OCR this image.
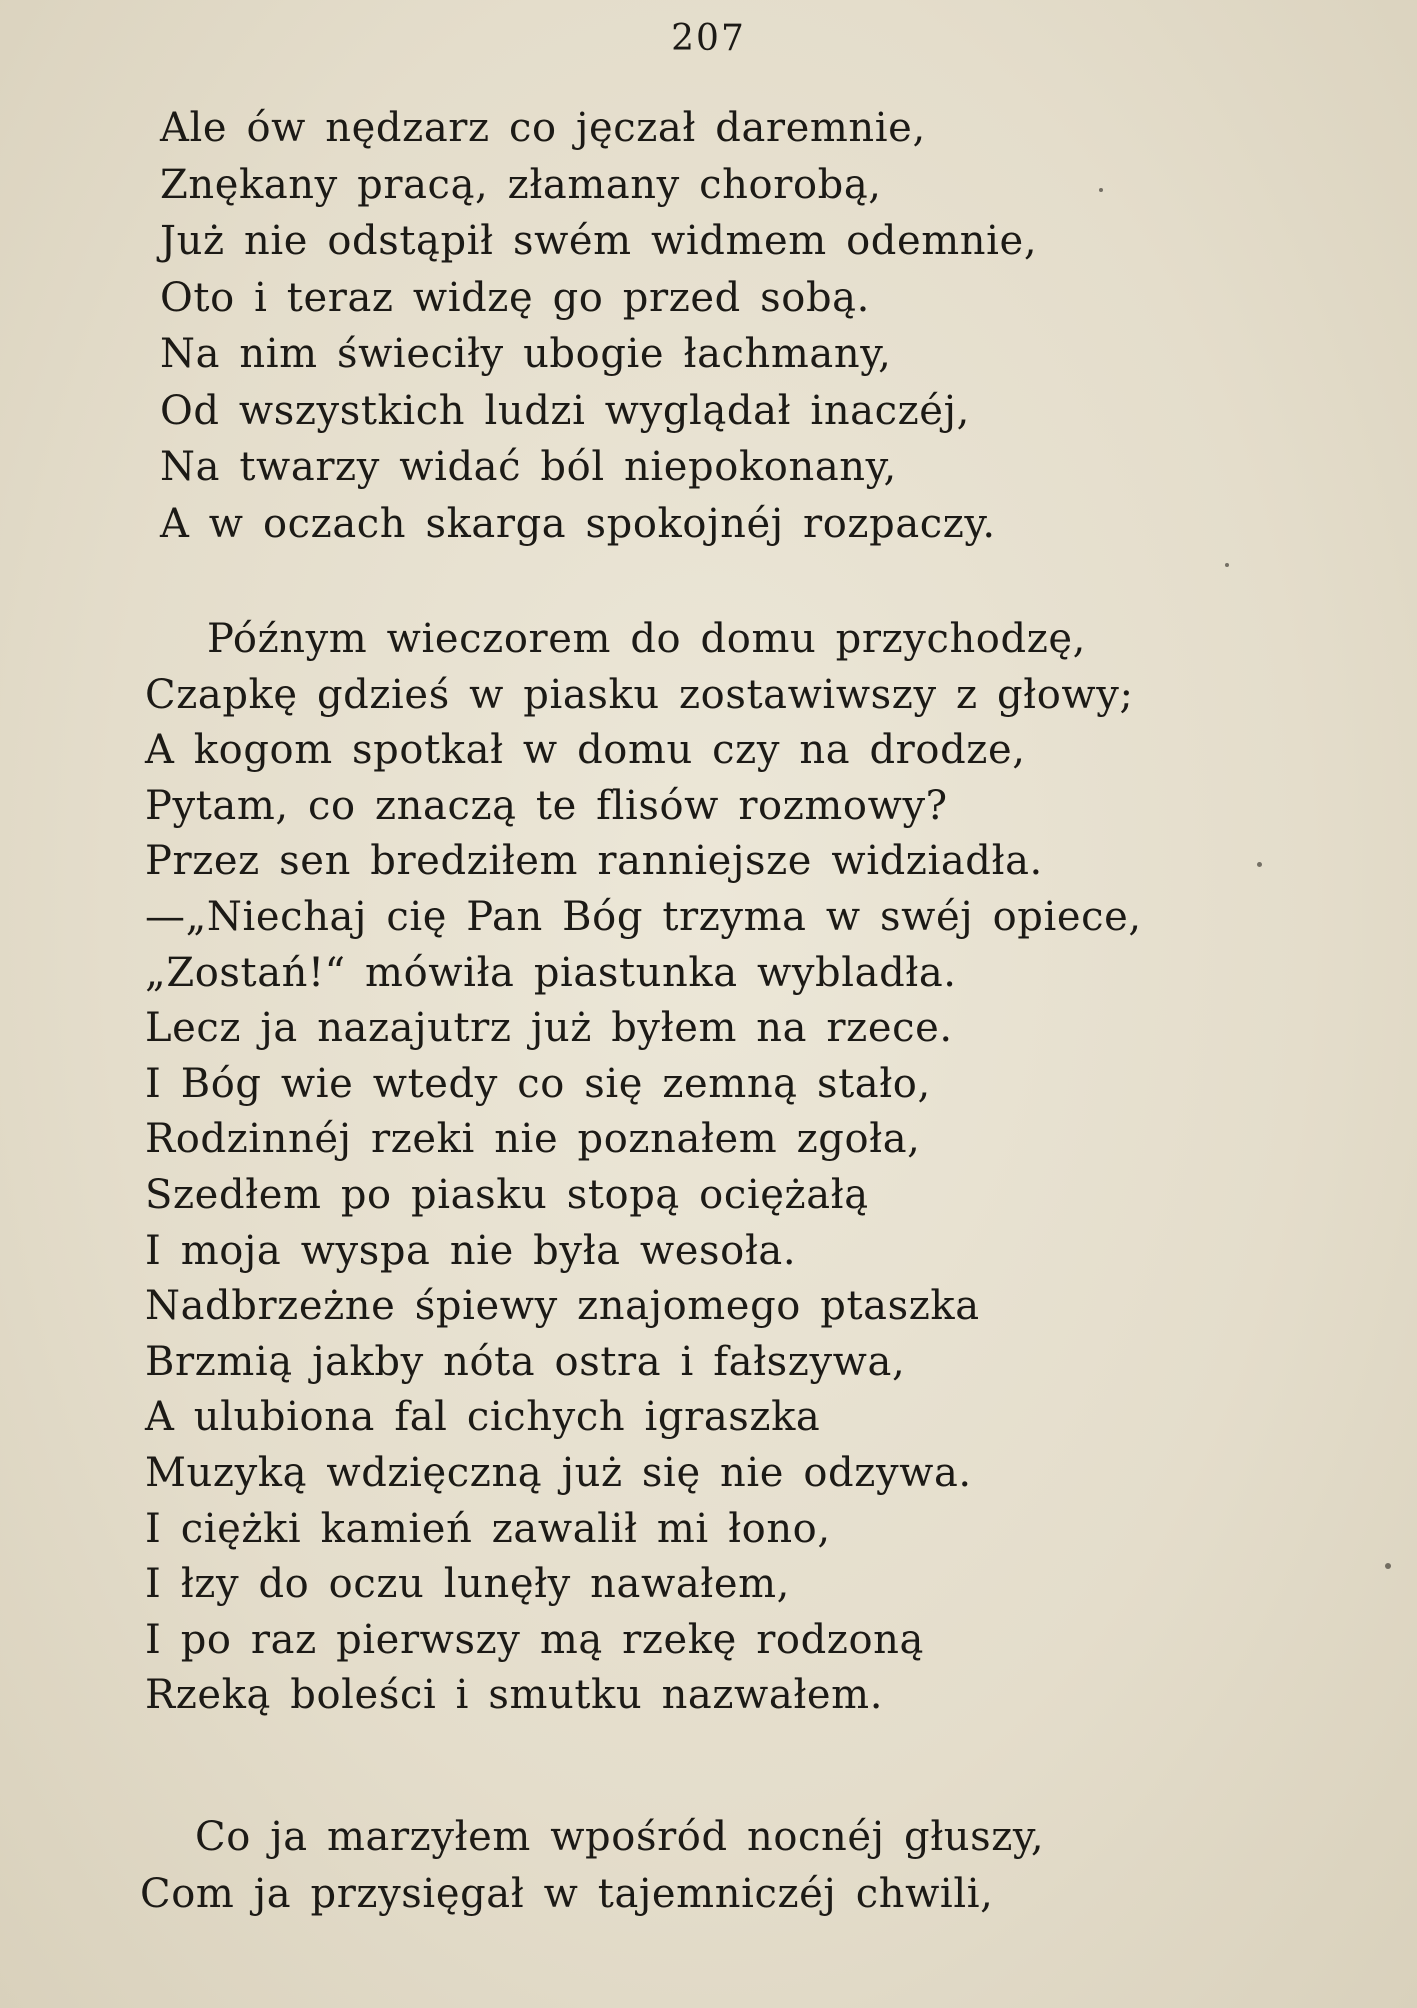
207
Ale ów nędzarz co jęczał daremnie,
Znękany pracą, złamany chorobą,
Już nie odstąpił swém widmem odemnie,
Oto i teraz widzę go przed sobą.
Na nim świeciły ubogie łachmany,
Od wszystkich ludzi wyglądał inaczéj,
Na twarzy widać ból niepokonany,
A w oczach skarga spokojnéj rozpaczy.
Późnym wieczorem do domu przychodzę,
Czapkę gdzieś w piasku zostawiwszy z głowy;
A kogom spotkał w domu czy na drodze,
Pytam, co znaczą te flisów rozmowy?
Przez sen bredziłem ranniejsze widziadła.
—„Niechaj cię Pan Bóg trzyma w swéj opiece,
„Zostań!“ mówiła piastunka wybladła.
Lecz ja nazajutrz już byłem na rzece.
I Bóg wie wtedy co się zemną stało,
Rodzinnéj rzeki nie poznałem zgoła,
Szedłem po piasku stopą ociężałą
I moja wyspa nie była wesoła.
Nadbrzeżne śpiewy znajomego ptaszka
Brzmią jakby nóta ostra i fałszywa,
A ulubiona fal cichych igraszka
Muzyką wdzięczną już się nie odzywa.
I ciężki kamień zawalił mi łono,
I łzy do oczu lunęły nawałem,
I po raz pierwszy mą rzekę rodzoną
Rzeką boleści i smutku nazwałem.
Co ja marzyłem wpośród nocnéj głuszy,
Com ja przysięgał w tajemniczéj chwili,
